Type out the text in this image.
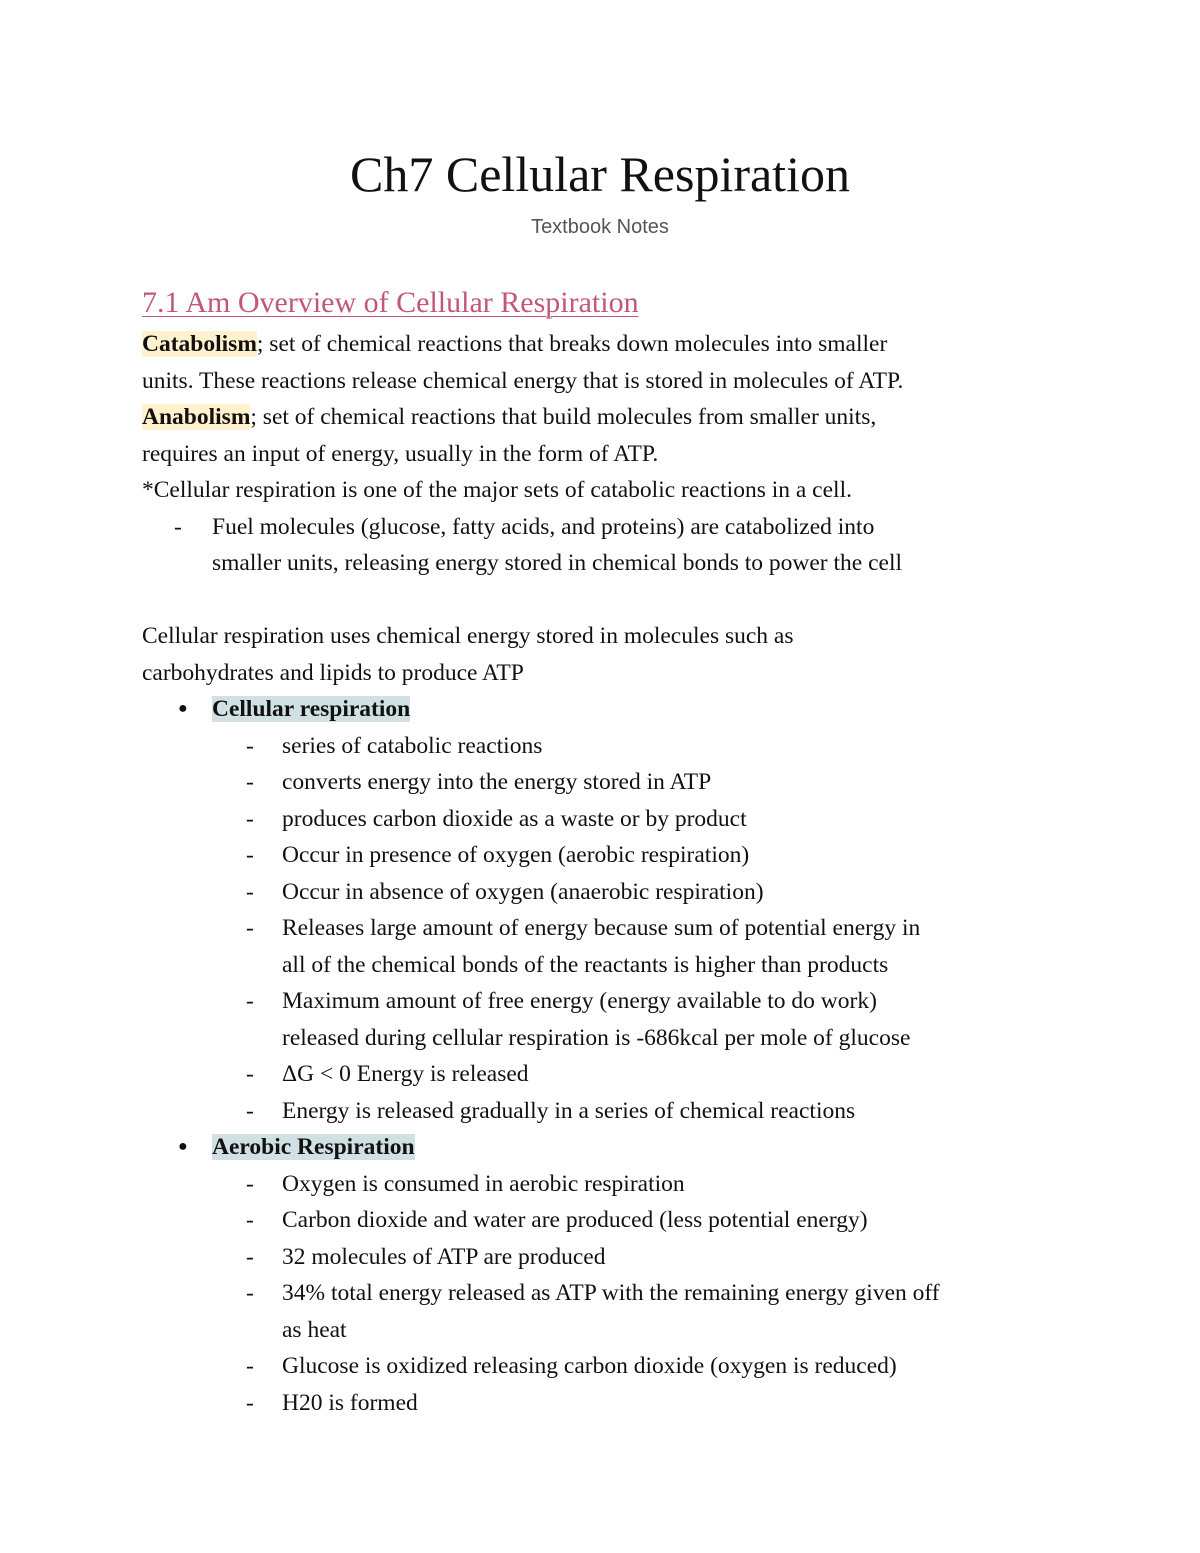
Ch7 Cellular Respiration
Textbook Notes
7.1 Am Overview of Cellular Respiration

Catabolism; set of chemical reactions that breaks down molecules into smaller

units. These reactions release chemical energy that is stored in molecules of ATP.

Anabolism; set of chemical reactions that build molecules from smaller units,

requires an input of energy, usually in the form of ATP.

*Cellular respiration is one of the major sets of catabolic reactions in a cell.

-	Fuel molecules (glucose, fatty acids, and proteins) are catabolized into
smaller units, releasing energy stored in chemical bonds to power the cell

Cellular respiration uses chemical energy stored in molecules such as

carbohydrates and lipids to produce ATP

● Cellular respiration
-	series of catabolic reactions
-	converts energy into the energy stored in ATP
-	produces carbon dioxide as a waste or by product
-	Occur in presence of oxygen (aerobic respiration)
-	Occur in absence of oxygen (anaerobic respiration)
-	Releases large amount of energy because sum of potential energy in
all of the chemical bonds of the reactants is higher than products
-	Maximum amount of free energy (energy available to do work)
released during cellular respiration is -686kcal per mole of glucose
-	ΔG < 0 Energy is released
-	Energy is released gradually in a series of chemical reactions
● Aerobic Respiration
-	Oxygen is consumed in aerobic respiration
-	Carbon dioxide and water are produced (less potential energy)
-	32 molecules of ATP are produced
-	34% total energy released as ATP with the remaining energy given off
as heat
-	Glucose is oxidized releasing carbon dioxide (oxygen is reduced)
-	H20 is formed
